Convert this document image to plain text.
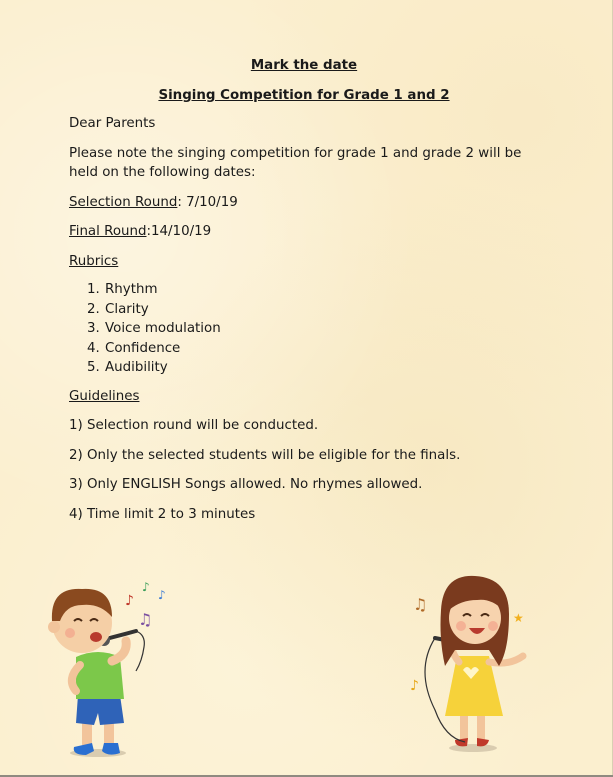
Mark the date

Singing Competition for Grade 1 and 2

Dear Parents

Please note the singing competition for grade 1 and grade 2 will be held on the following dates:

Selection Round: 7/10/19

Final Round:14/10/19

Rubrics

1. Rhythm
2. Clarity
3. Voice modulation
4. Confidence
5. Audibility

Guidelines

1) Selection round will be conducted.

2) Only the selected students will be eligible for the finals.

3) Only ENGLISH Songs allowed. No rhymes allowed.

4) Time limit 2 to 3 minutes

♪
♫
♪
♪	♫
♪
★
